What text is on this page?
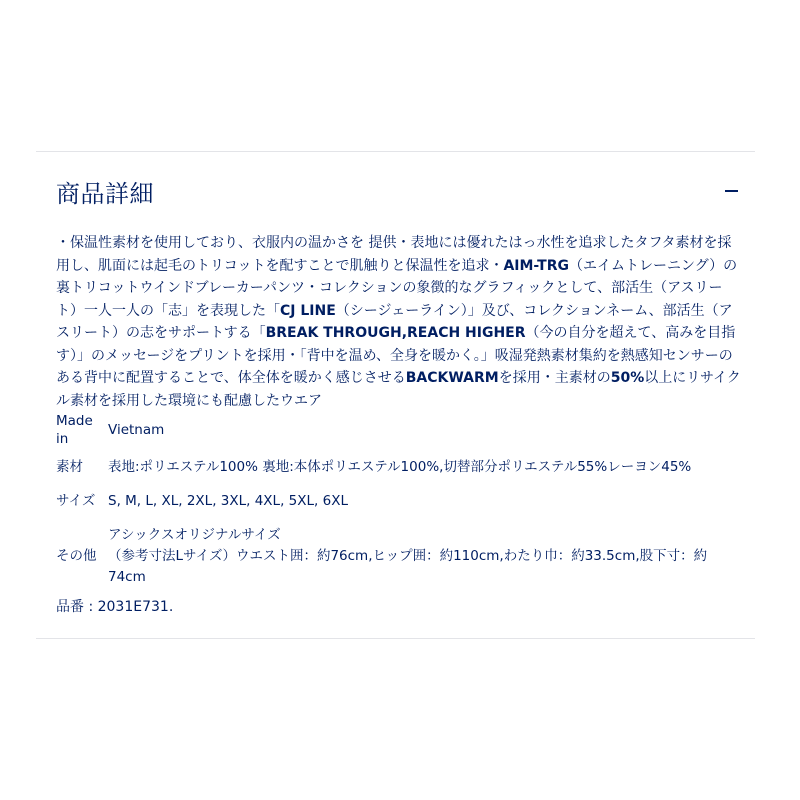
商品詳細

・保温性素材を使用しており、衣服内の温かさを 提供・表地には優れたはっ水性を追求したタフタ素材を採用し、肌面には起毛のトリコットを配すことで肌触りと保温性を追求・AIM-TRG（エイムトレーニング）の裏トリコットウインドブレーカーパンツ・コレクションの象徴的なグラフィックとして、部活生（アスリート）一人一人の「志」を表現した「CJ LINE（シージェーライン）」及び、コレクションネーム、部活生（アスリート）の志をサポートする「BREAK THROUGH,REACH HIGHER（今の自分を超えて、高みを目指す）」のメッセージをプリントを採用・「背中を温め、全身を暖かく。」吸湿発熱素材集約を熱感知センサーのある背中に配置することで、体全体を暖かく感じさせるBACKWARMを採用・主素材の50%以上にリサイクル素材を採用した環境にも配慮したウエア

Made in	Vietnam
素材	表地:ポリエステル100% 裏地:本体ポリエステル100%,切替部分ポリエステル55%レーヨン45%
サイズ	S, M, L, XL, 2XL, 3XL, 4XL, 5XL, 6XL
その他	アシックスオリジナルサイズ
（参考寸法Lサイズ）ウエスト囲：約76cm,ヒップ囲：約110cm,わたり巾：約33.5cm,股下寸：約74cm

品番 : 2031E731.
